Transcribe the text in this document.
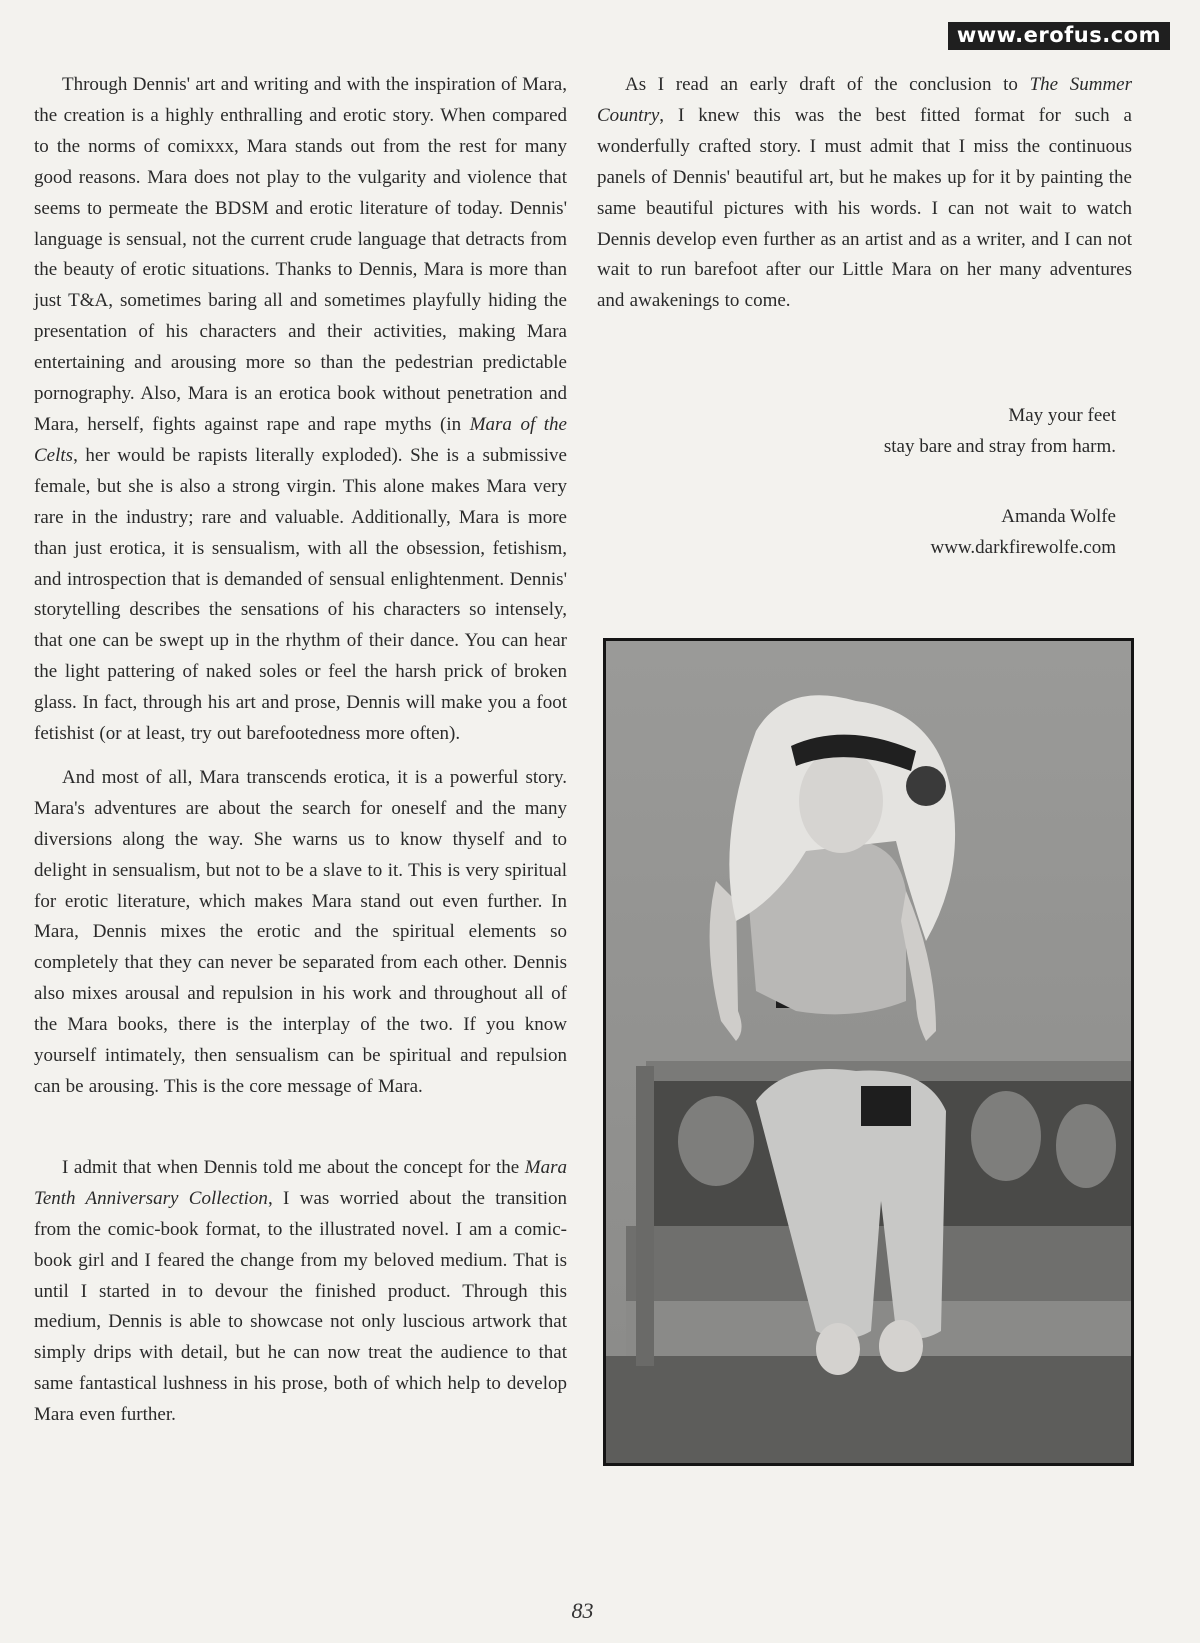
www.erofus.com

Through Dennis' art and writing and with the inspiration of Mara, the creation is a highly enthralling and erotic story. When compared to the norms of comixxx, Mara stands out from the rest for many good reasons. Mara does not play to the vulgarity and violence that seems to permeate the BDSM and erotic literature of today. Dennis' language is sensual, not the current crude language that detracts from the beauty of erotic situations. Thanks to Dennis, Mara is more than just T&A, sometimes baring all and sometimes playfully hiding the presentation of his characters and their activities, making Mara entertaining and arousing more so than the pedestrian predictable pornography. Also, Mara is an erotica book without penetration and Mara, herself, fights against rape and rape myths (in Mara of the Celts, her would be rapists literally exploded). She is a submissive female, but she is also a strong virgin. This alone makes Mara very rare in the industry; rare and valuable. Additionally, Mara is more than just erotica, it is sensualism, with all the obsession, fetishism, and introspection that is demanded of sensual enlightenment. Dennis' storytelling describes the sensations of his characters so intensely, that one can be swept up in the rhythm of their dance. You can hear the light pattering of naked soles or feel the harsh prick of broken glass. In fact, through his art and prose, Dennis will make you a foot fetishist (or at least, try out barefootedness more often).

And most of all, Mara transcends erotica, it is a powerful story. Mara's adventures are about the search for oneself and the many diversions along the way. She warns us to know thyself and to delight in sensualism, but not to be a slave to it. This is very spiritual for erotic literature, which makes Mara stand out even further. In Mara, Dennis mixes the erotic and the spiritual elements so completely that they can never be separated from each other. Dennis also mixes arousal and repulsion in his work and throughout all of the Mara books, there is the interplay of the two. If you know yourself intimately, then sensualism can be spiritual and repulsion can be arousing. This is the core message of Mara.

I admit that when Dennis told me about the concept for the Mara Tenth Anniversary Collection, I was worried about the transition from the comic-book format, to the illustrated novel. I am a comic-book girl and I feared the change from my beloved medium. That is until I started in to devour the finished product. Through this medium, Dennis is able to showcase not only luscious artwork that simply drips with detail, but he can now treat the audience to that same fantastical lushness in his prose, both of which help to develop Mara even further.

As I read an early draft of the conclusion to The Summer Country, I knew this was the best fitted format for such a wonderfully crafted story. I must admit that I miss the continuous panels of Dennis' beautiful art, but he makes up for it by painting the same beautiful pictures with his words. I can not wait to watch Dennis develop even further as an artist and as a writer, and I can not wait to run barefoot after our Little Mara on her many adventures and awakenings to come.

May your feet
stay bare and stray from harm.
Amanda Wolfe
www.darkfirewolfe.com
83
